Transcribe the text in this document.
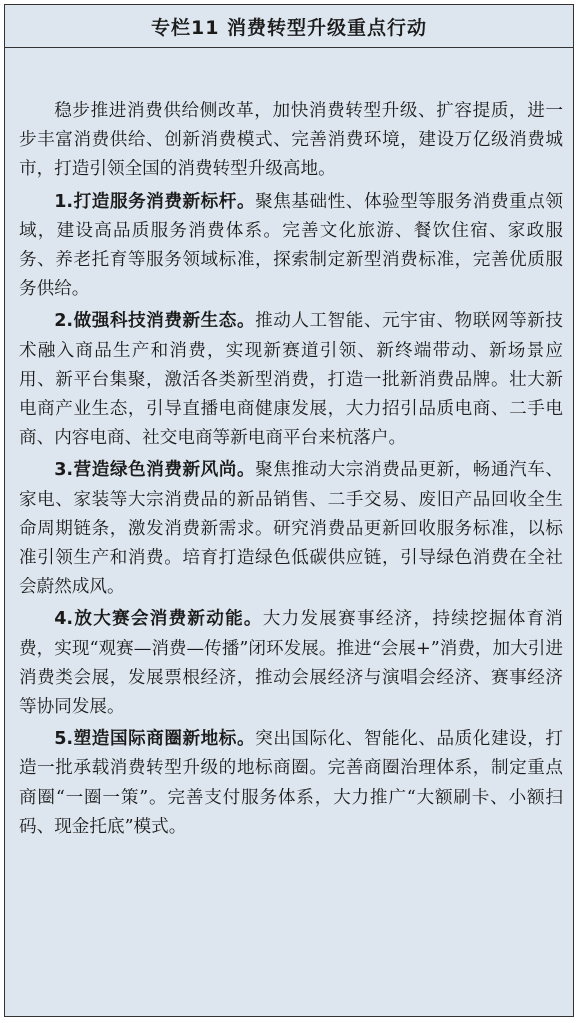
专栏11 消费转型升级重点行动

稳步推进消费供给侧改革，加快消费转型升级、扩容提质，进一步丰富消费供给、创新消费模式、完善消费环境，建设万亿级消费城市，打造引领全国的消费转型升级高地。

1.打造服务消费新标杆。聚焦基础性、体验型等服务消费重点领域，建设高品质服务消费体系。完善文化旅游、餐饮住宿、家政服务、养老托育等服务领域标准，探索制定新型消费标准，完善优质服务供给。

2.做强科技消费新生态。推动人工智能、元宇宙、物联网等新技术融入商品生产和消费，实现新赛道引领、新终端带动、新场景应用、新平台集聚，激活各类新型消费，打造一批新消费品牌。壮大新电商产业生态，引导直播电商健康发展，大力招引品质电商、二手电商、内容电商、社交电商等新电商平台来杭落户。

3.营造绿色消费新风尚。聚焦推动大宗消费品更新，畅通汽车、家电、家装等大宗消费品的新品销售、二手交易、废旧产品回收全生命周期链条，激发消费新需求。研究消费品更新回收服务标准，以标准引领生产和消费。培育打造绿色低碳供应链，引导绿色消费在全社会蔚然成风。

4.放大赛会消费新动能。大力发展赛事经济，持续挖掘体育消费，实现“观赛—消费—传播”闭环发展。推进“会展+”消费，加大引进消费类会展，发展票根经济，推动会展经济与演唱会经济、赛事经济等协同发展。

5.塑造国际商圈新地标。突出国际化、智能化、品质化建设，打造一批承载消费转型升级的地标商圈。完善商圈治理体系，制定重点商圈“一圈一策”。完善支付服务体系，大力推广“大额刷卡、小额扫码、现金托底”模式。
